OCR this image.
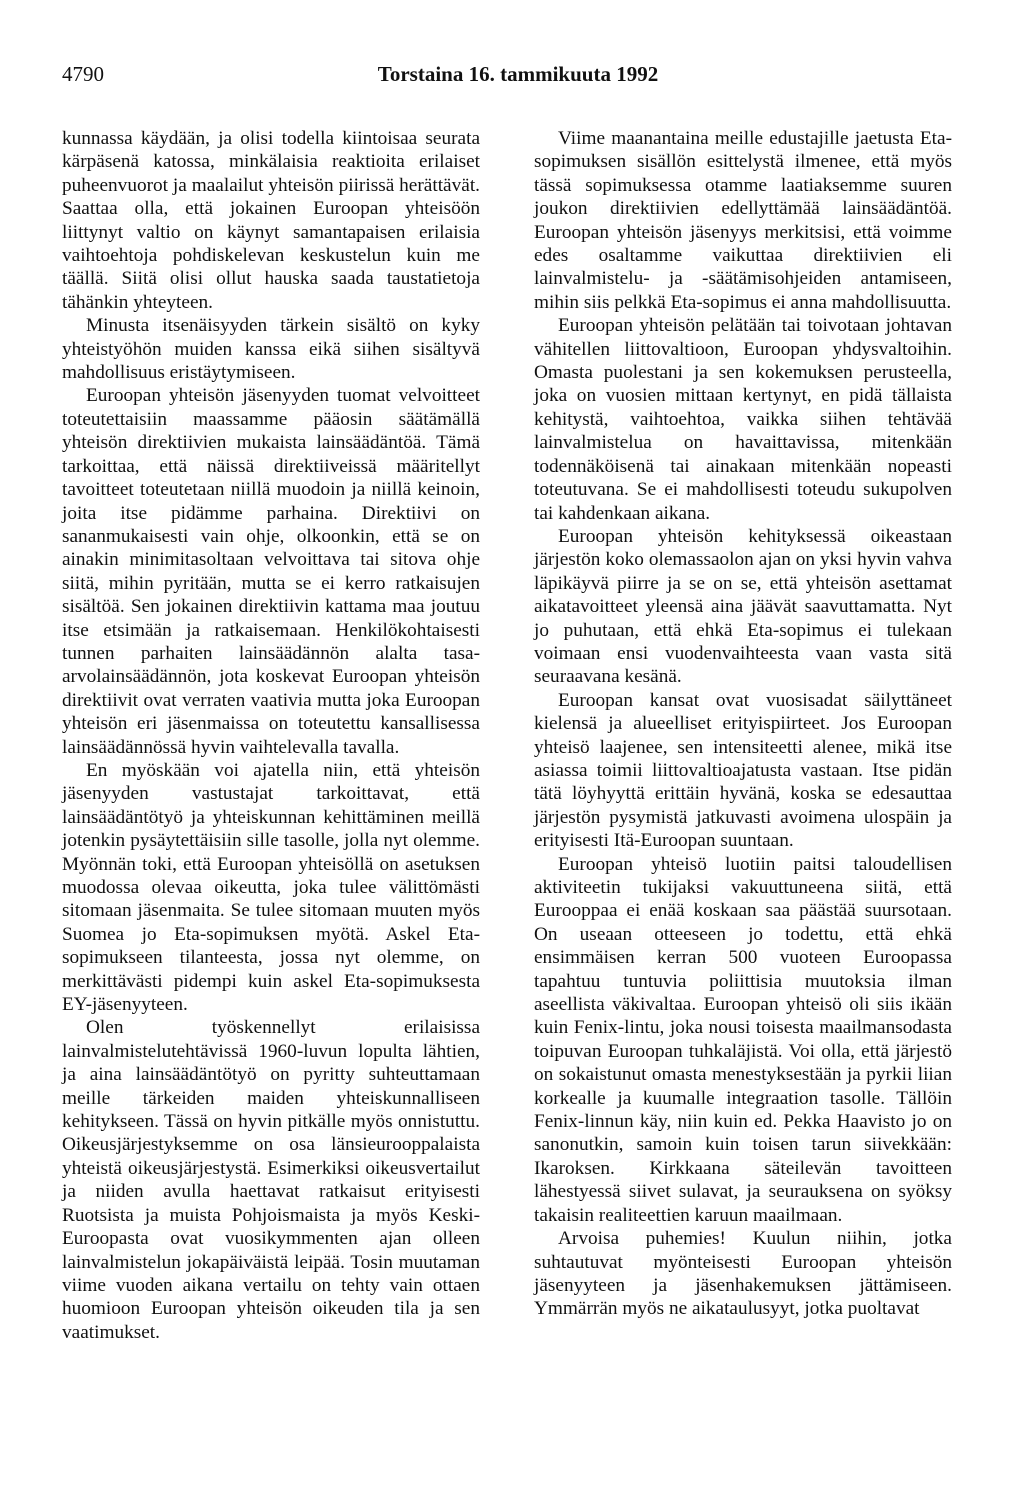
4790	Torstaina 16. tammikuuta 1992

kunnassa käydään, ja olisi todella kiintoisaa seurata kärpäsenä katossa, minkälaisia reaktioita erilaiset puheenvuorot ja maalailut yhteisön piirissä herättävät. Saattaa olla, että jokainen Euroopan yhteisöön liittynyt valtio on käynyt samantapaisen erilaisia vaihtoehtoja pohdiskelevan keskustelun kuin me täällä. Siitä olisi ollut hauska saada taustatietoja tähänkin yhteyteen.

Minusta itsenäisyyden tärkein sisältö on kyky yhteistyöhön muiden kanssa eikä siihen sisältyvä mahdollisuus eristäytymiseen.

Euroopan yhteisön jäsenyyden tuomat velvoitteet toteutettaisiin maassamme pääosin säätämällä yhteisön direktiivien mukaista lainsäädäntöä. Tämä tarkoittaa, että näissä direktiiveissä määritellyt tavoitteet toteutetaan niillä muodoin ja niillä keinoin, joita itse pidämme parhaina. Direktiivi on sananmukaisesti vain ohje, olkoonkin, että se on ainakin minimitasoltaan velvoittava tai sitova ohje siitä, mihin pyritään, mutta se ei kerro ratkaisujen sisältöä. Sen jokainen direktiivin kattama maa joutuu itse etsimään ja ratkaisemaan. Henkilökohtaisesti tunnen parhaiten lainsäädännön alalta tasa-arvolainsäädännön, jota koskevat Euroopan yhteisön direktiivit ovat verraten vaativia mutta joka Euroopan yhteisön eri jäsenmaissa on toteutettu kansallisessa lainsäädännössä hyvin vaihtelevalla tavalla.

En myöskään voi ajatella niin, että yhteisön jäsenyyden vastustajat tarkoittavat, että lainsäädäntötyö ja yhteiskunnan kehittäminen meillä jotenkin pysäytettäisiin sille tasolle, jolla nyt olemme. Myönnän toki, että Euroopan yhteisöllä on asetuksen muodossa olevaa oikeutta, joka tulee välittömästi sitomaan jäsenmaita. Se tulee sitomaan muuten myös Suomea jo Eta-sopimuksen myötä. Askel Eta-sopimukseen tilanteesta, jossa nyt olemme, on merkittävästi pidempi kuin askel Eta-sopimuksesta EY-jäsenyyteen.

Olen työskennellyt erilaisissa lainvalmistelutehtävissä 1960-luvun lopulta lähtien, ja aina lainsäädäntötyö on pyritty suhteuttamaan meille tärkeiden maiden yhteiskunnalliseen kehitykseen. Tässä on hyvin pitkälle myös onnistuttu. Oikeusjärjestyksemme on osa länsieurooppalaista yhteistä oikeusjärjestystä. Esimerkiksi oikeusvertailut ja niiden avulla haettavat ratkaisut erityisesti Ruotsista ja muista Pohjoismaista ja myös Keski-Euroopasta ovat vuosikymmenten ajan olleen lainvalmistelun jokapäiväistä leipää. Tosin muutaman viime vuoden aikana vertailu on tehty vain ottaen huomioon Euroopan yhteisön oikeuden tila ja sen vaatimukset.

Viime maanantaina meille edustajille jaetusta Eta-sopimuksen sisällön esittelystä ilmenee, että myös tässä sopimuksessa otamme laatiaksemme suuren joukon direktiivien edellyttämää lainsäädäntöä. Euroopan yhteisön jäsenyys merkitsisi, että voimme edes osaltamme vaikuttaa direktiivien eli lainvalmistelu- ja -säätämisohjeiden antamiseen, mihin siis pelkkä Eta-sopimus ei anna mahdollisuutta.

Euroopan yhteisön pelätään tai toivotaan johtavan vähitellen liittovaltioon, Euroopan yhdysvaltoihin. Omasta puolestani ja sen kokemuksen perusteella, joka on vuosien mittaan kertynyt, en pidä tällaista kehitystä, vaihtoehtoa, vaikka siihen tehtävää lainvalmistelua on havaittavissa, mitenkään todennäköisenä tai ainakaan mitenkään nopeasti toteutuvana. Se ei mahdollisesti toteudu sukupolven tai kahdenkaan aikana.

Euroopan yhteisön kehityksessä oikeastaan järjestön koko olemassaolon ajan on yksi hyvin vahva läpikäyvä piirre ja se on se, että yhteisön asettamat aikatavoitteet yleensä aina jäävät saavuttamatta. Nyt jo puhutaan, että ehkä Eta-sopimus ei tulekaan voimaan ensi vuodenvaihteesta vaan vasta sitä seuraavana kesänä.

Euroopan kansat ovat vuosisadat säilyttäneet kielensä ja alueelliset erityispiirteet. Jos Euroopan yhteisö laajenee, sen intensiteetti alenee, mikä itse asiassa toimii liittovaltioajatusta vastaan. Itse pidän tätä löyhyyttä erittäin hyvänä, koska se edesauttaa järjestön pysymistä jatkuvasti avoimena ulospäin ja erityisesti Itä-Euroopan suuntaan.

Euroopan yhteisö luotiin paitsi taloudellisen aktiviteetin tukijaksi vakuuttuneena siitä, että Eurooppaa ei enää koskaan saa päästää suursotaan. On useaan otteeseen jo todettu, että ehkä ensimmäisen kerran 500 vuoteen Euroopassa tapahtuu tuntuvia poliittisia muutoksia ilman aseellista väkivaltaa. Euroopan yhteisö oli siis ikään kuin Fenix-lintu, joka nousi toisesta maailmansodasta toipuvan Euroopan tuhkaläjistä. Voi olla, että järjestö on sokaistunut omasta menestyksestään ja pyrkii liian korkealle ja kuumalle integraation tasolle. Tällöin Fenix-linnun käy, niin kuin ed. Pekka Haavisto jo on sanonutkin, samoin kuin toisen tarun siivekkään: Ikaroksen. Kirkkaana säteilevän tavoitteen lähestyessä siivet sulavat, ja seurauksena on syöksy takaisin realiteettien karuun maailmaan.

Arvoisa puhemies! Kuulun niihin, jotka suhtautuvat myönteisesti Euroopan yhteisön jäsenyyteen ja jäsenhakemuksen jättämiseen. Ymmärrän myös ne aikataulusyyt, jotka puoltavat
